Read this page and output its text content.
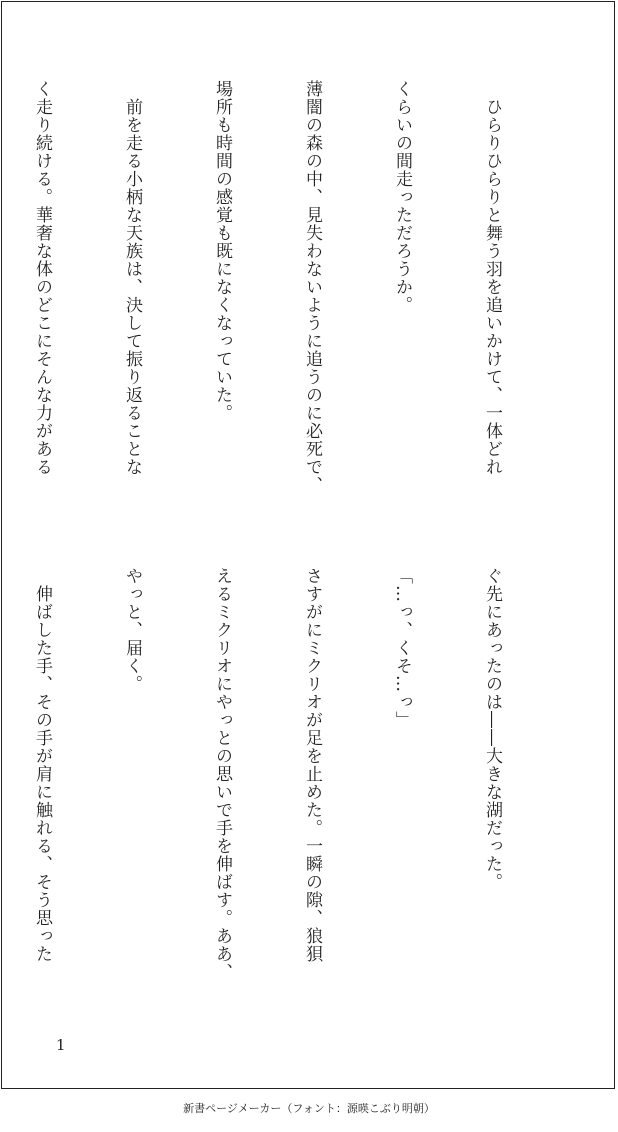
　ひらりひらりと舞う羽を追いかけて、一体どれ

くらいの間走っただろうか。

薄闇の森の中、見失わないように追うのに必死で、

場所も時間の感覚も既になくなっていた。

　前を走る小柄な天族は、決して振り返ることな

く走り続ける。華奢な体のどこにそんな力がある

ぐ先にあったのは――大きな湖だった。

「…っ、くそ…っ」

さすがにミクリオが足を止めた。一瞬の隙、狼狽

えるミクリオにやっとの思いで手を伸ばす。ああ、

やっと、届く。

　伸ばした手、その手が肩に触れる、そう思った

1
新書ページメーカー（フォント：源暎こぶり明朝）
